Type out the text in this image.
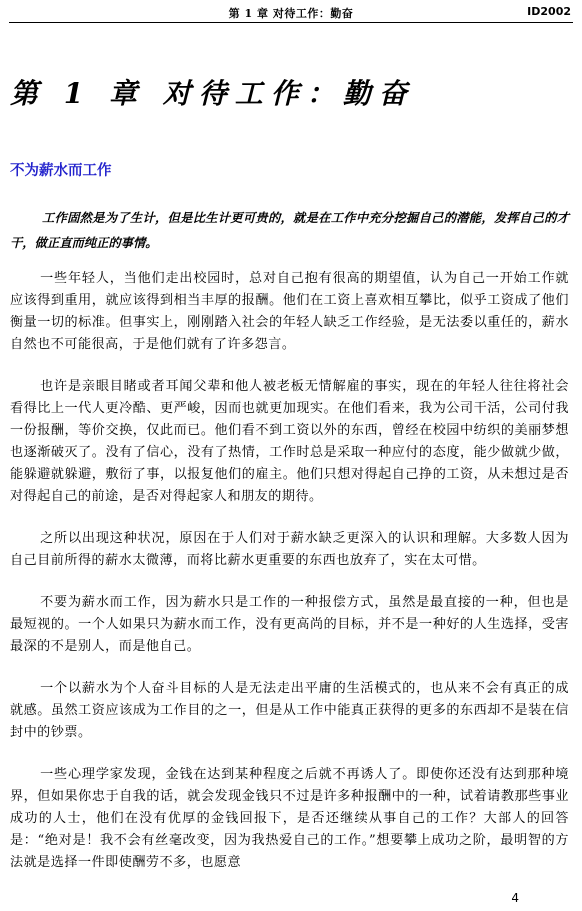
第 1 章 对待工作：勤奋	ID2002
第 1 章 对待工作：勤奋
不为薪水而工作

工作固然是为了生计，但是比生计更可贵的，就是在工作中充分挖掘自己的潜能，发挥自己的才干，做正直而纯正的事情。

一些年轻人，当他们走出校园时，总对自己抱有很高的期望值，认为自己一开始工作就应该得到重用，就应该得到相当丰厚的报酬。他们在工资上喜欢相互攀比，似乎工资成了他们衡量一切的标准。但事实上，刚刚踏入社会的年轻人缺乏工作经验，是无法委以重任的，薪水自然也不可能很高，于是他们就有了许多怨言。

也许是亲眼目睹或者耳闻父辈和他人被老板无情解雇的事实，现在的年轻人往往将社会看得比上一代人更冷酷、更严峻，因而也就更加现实。在他们看来，我为公司干活，公司付我一份报酬，等价交换，仅此而已。他们看不到工资以外的东西，曾经在校园中纺织的美丽梦想也逐渐破灭了。没有了信心，没有了热情，工作时总是采取一种应付的态度，能少做就少做，能躲避就躲避，敷衍了事，以报复他们的雇主。他们只想对得起自己挣的工资，从未想过是否对得起自己的前途，是否对得起家人和朋友的期待。

之所以出现这种状况，原因在于人们对于薪水缺乏更深入的认识和理解。大多数人因为自己目前所得的薪水太微薄，而将比薪水更重要的东西也放弃了，实在太可惜。

不要为薪水而工作，因为薪水只是工作的一种报偿方式，虽然是最直接的一种，但也是最短视的。一个人如果只为薪水而工作，没有更高尚的目标，并不是一种好的人生选择，受害最深的不是别人，而是他自己。

一个以薪水为个人奋斗目标的人是无法走出平庸的生活模式的，也从来不会有真正的成就感。虽然工资应该成为工作目的之一，但是从工作中能真正获得的更多的东西却不是装在信封中的钞票。

一些心理学家发现，金钱在达到某种程度之后就不再诱人了。即使你还没有达到那种境界，但如果你忠于自我的话，就会发现金钱只不过是许多种报酬中的一种，试着请教那些事业成功的人士，他们在没有优厚的金钱回报下，是否还继续从事自己的工作？大部人的回答是：“绝对是！我不会有丝毫改变，因为我热爱自己的工作。”想要攀上成功之阶，最明智的方法就是选择一件即使酬劳不多，也愿意

4
